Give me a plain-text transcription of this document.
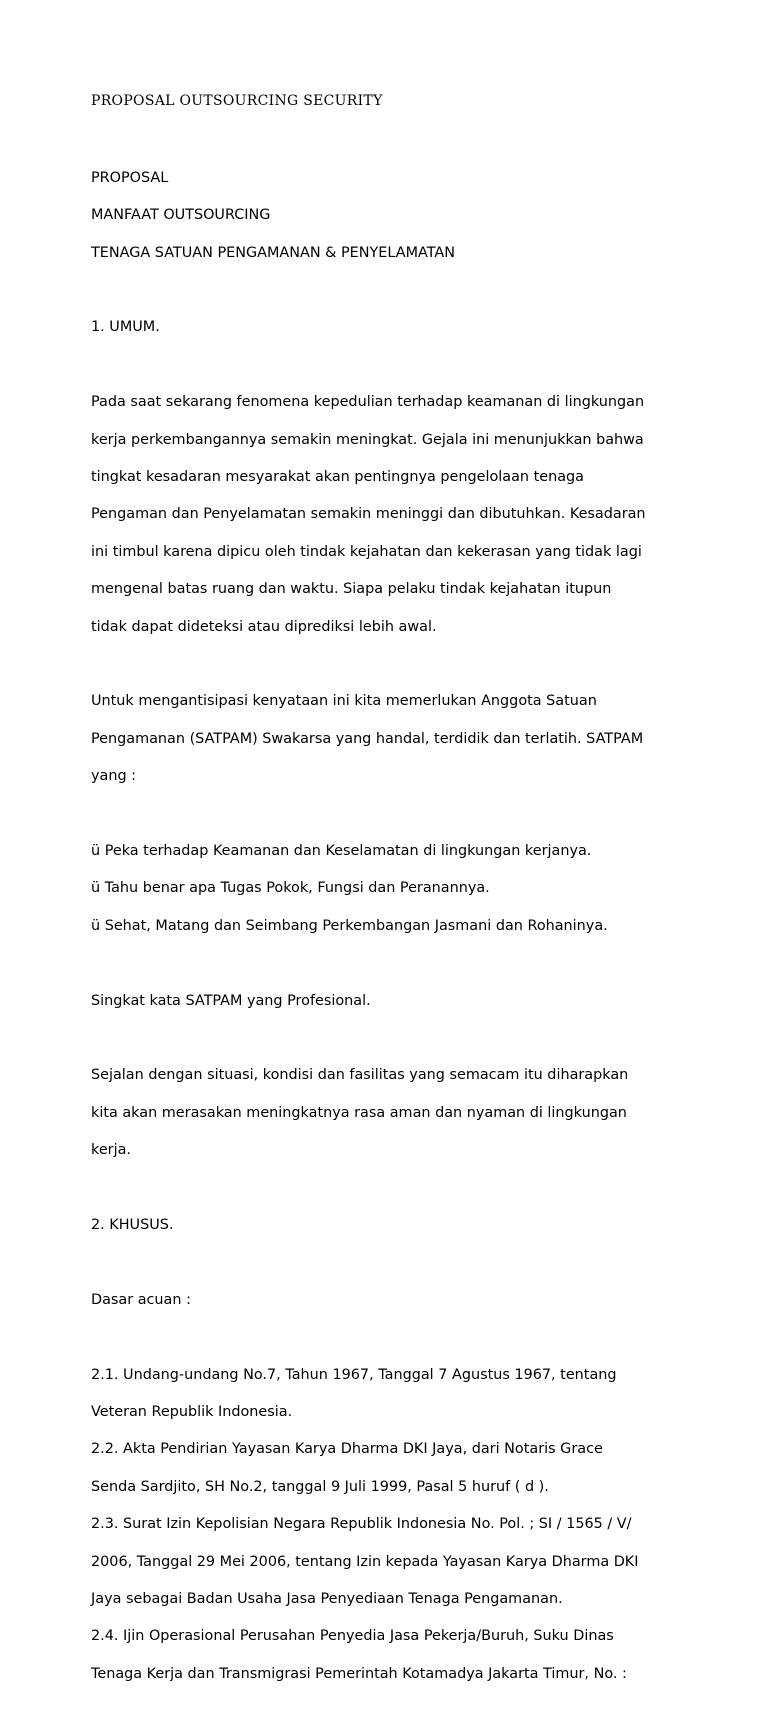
PROPOSAL OUTSOURCING SECURITY

PROPOSAL

MANFAAT OUTSOURCING

TENAGA SATUAN PENGAMANAN & PENYELAMATAN

1. UMUM.

Pada saat sekarang fenomena kepedulian terhadap keamanan di lingkungan

kerja perkembangannya semakin meningkat. Gejala ini menunjukkan bahwa

tingkat kesadaran mesyarakat akan pentingnya pengelolaan tenaga

Pengaman dan Penyelamatan semakin meninggi dan dibutuhkan. Kesadaran

ini timbul karena dipicu oleh tindak kejahatan dan kekerasan yang tidak lagi

mengenal batas ruang dan waktu. Siapa pelaku tindak kejahatan itupun

tidak dapat dideteksi atau diprediksi lebih awal.

Untuk mengantisipasi kenyataan ini kita memerlukan Anggota Satuan

Pengamanan (SATPAM) Swakarsa yang handal, terdidik dan terlatih. SATPAM

yang :

ü Peka terhadap Keamanan dan Keselamatan di lingkungan kerjanya.

ü Tahu benar apa Tugas Pokok, Fungsi dan Peranannya.

ü Sehat, Matang dan Seimbang Perkembangan Jasmani dan Rohaninya.

Singkat kata SATPAM yang Profesional.

Sejalan dengan situasi, kondisi dan fasilitas yang semacam itu diharapkan

kita akan merasakan meningkatnya rasa aman dan nyaman di lingkungan

kerja.

2. KHUSUS.

Dasar acuan :

2.1. Undang-undang No.7, Tahun 1967, Tanggal 7 Agustus 1967, tentang

Veteran Republik Indonesia.

2.2. Akta Pendirian Yayasan Karya Dharma DKI Jaya, dari Notaris Grace

Senda Sardjito, SH No.2, tanggal 9 Juli 1999, Pasal 5 huruf ( d ).

2.3. Surat Izin Kepolisian Negara Republik Indonesia No. Pol. ; SI / 1565 / V/

2006, Tanggal 29 Mei 2006, tentang Izin kepada Yayasan Karya Dharma DKI

Jaya sebagai Badan Usaha Jasa Penyediaan Tenaga Pengamanan.

2.4. Ijin Operasional Perusahan Penyedia Jasa Pekerja/Buruh, Suku Dinas

Tenaga Kerja dan Transmigrasi Pemerintah Kotamadya Jakarta Timur, No. :
